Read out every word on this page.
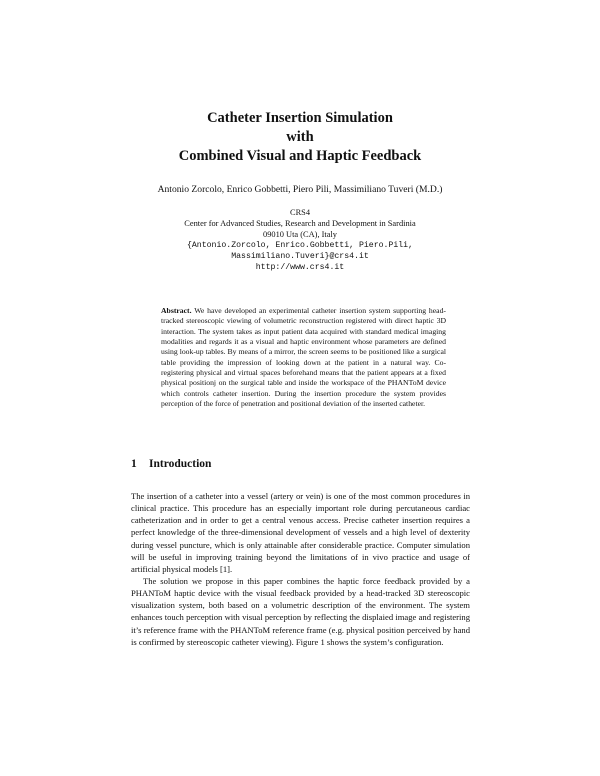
Catheter Insertion Simulation
with
Combined Visual and Haptic Feedback
Antonio Zorcolo, Enrico Gobbetti, Piero Pili, Massimiliano Tuveri (M.D.)
CRS4
Center for Advanced Studies, Research and Development in Sardinia
09010 Uta (CA), Italy
{Antonio.Zorcolo, Enrico.Gobbetti, Piero.Pili,
Massimiliano.Tuveri}@crs4.it
http://www.crs4.it
Abstract. We have developed an experimental catheter insertion system supporting head-tracked stereoscopic viewing of volumetric reconstruction registered with direct haptic 3D interaction. The system takes as input patient data acquired with standard medical imaging modalities and regards it as a visual and haptic environment whose parameters are defined using look-up tables. By means of a mirror, the screen seems to be positioned like a surgical table providing the impression of looking down at the patient in a natural way. Co-registering physical and virtual spaces beforehand means that the patient appears at a fixed physical positionj on the surgical table and inside the workspace of the PHANToM device which controls catheter insertion. During the insertion procedure the system provides perception of the force of penetration and positional deviation of the inserted catheter.
1 Introduction
The insertion of a catheter into a vessel (artery or vein) is one of the most common procedures in clinical practice. This procedure has an especially important role during percutaneous cardiac catheterization and in order to get a central venous access. Precise catheter insertion requires a perfect knowledge of the three-dimensional development of vessels and a high level of dexterity during vessel puncture, which is only attainable after considerable practice. Computer simulation will be useful in improving training beyond the limitations of in vivo practice and usage of artificial physical models [1].
The solution we propose in this paper combines the haptic force feedback provided by a PHANToM haptic device with the visual feedback provided by a head-tracked 3D stereoscopic visualization system, both based on a volumetric description of the environment. The system enhances touch perception with visual perception by reflecting the displaied image and registering it’s reference frame with the PHANToM reference frame (e.g. physical position perceived by hand is confirmed by stereoscopic catheter viewing). Figure 1 shows the system’s configuration.
